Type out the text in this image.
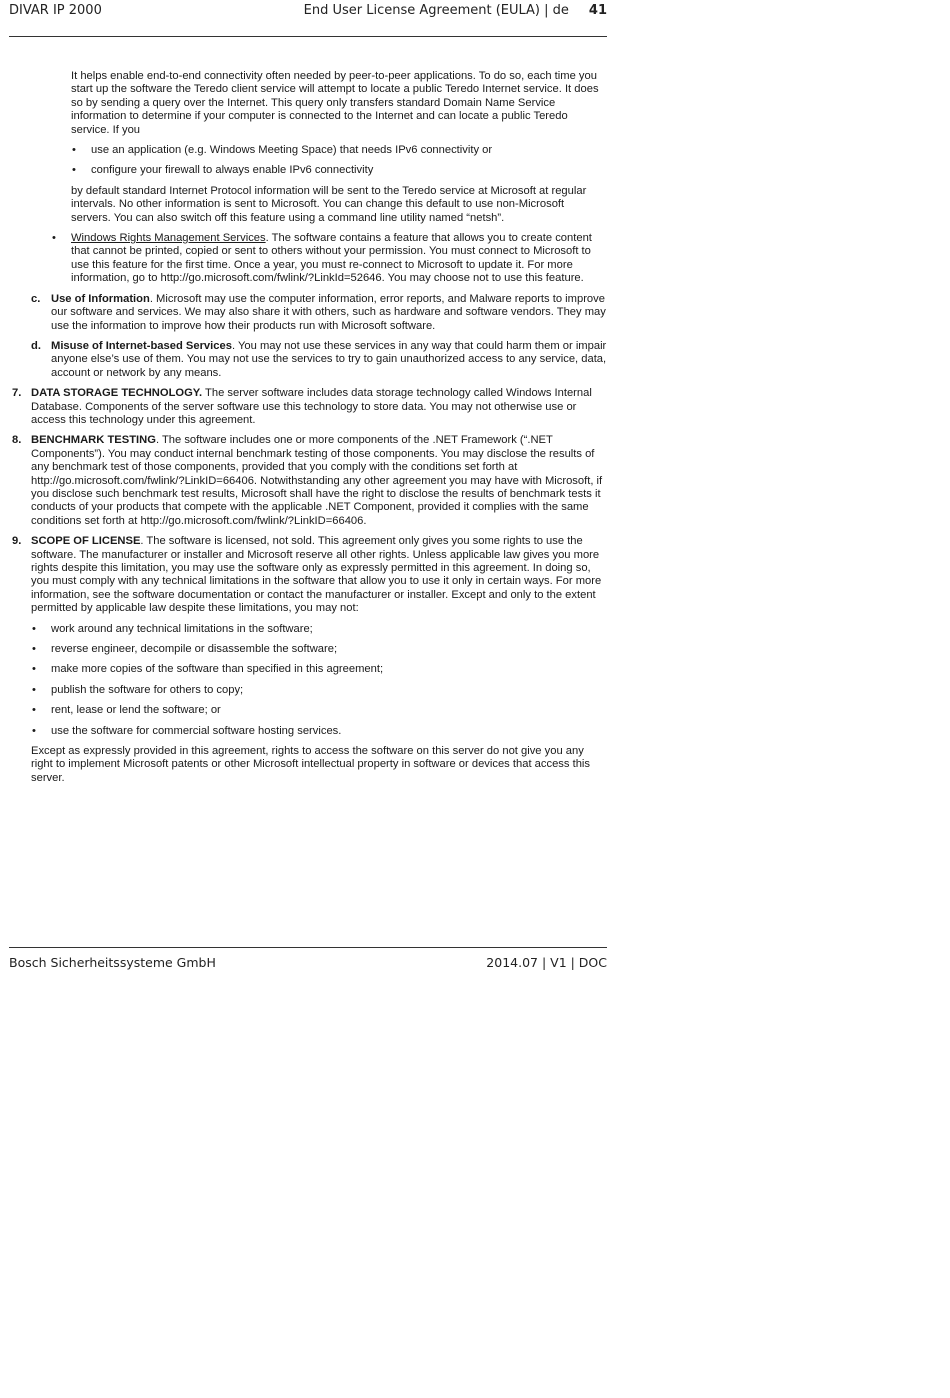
DIVAR IP 2000	End User License Agreement (EULA) | de 41

It helps enable end-to-end connectivity often needed by peer-to-peer applications. To do so, each time you start up the software the Teredo client service will attempt to locate a public Teredo Internet service. It does so by sending a query over the Internet. This query only transfers standard Domain Name Service information to determine if your computer is connected to the Internet and can locate a public Teredo service. If you

• use an application (e.g. Windows Meeting Space) that needs IPv6 connectivity or
• configure your firewall to always enable IPv6 connectivity

by default standard Internet Protocol information will be sent to the Teredo service at Microsoft at regular intervals. No other information is sent to Microsoft. You can change this default to use non-Microsoft servers. You can also switch off this feature using a command line utility named “netsh”.

• Windows Rights Management Services. The software contains a feature that allows you to create content that cannot be printed, copied or sent to others without your permission. You must connect to Microsoft to use this feature for the first time. Once a year, you must re-connect to Microsoft to update it. For more information, go to http://go.microsoft.com/fwlink/?LinkId=52646. You may choose not to use this feature.
c. Use of Information. Microsoft may use the computer information, error reports, and Malware reports to improve our software and services. We may also share it with others, such as hardware and software vendors. They may use the information to improve how their products run with Microsoft software.
d. Misuse of Internet-based Services. You may not use these services in any way that could harm them or impair anyone else’s use of them. You may not use the services to try to gain unauthorized access to any service, data, account or network by any means.
7. DATA STORAGE TECHNOLOGY. The server software includes data storage technology called Windows Internal Database. Components of the server software use this technology to store data. You may not otherwise use or access this technology under this agreement.
8. BENCHMARK TESTING. The software includes one or more components of the .NET Framework (“.NET Components”). You may conduct internal benchmark testing of those components. You may disclose the results of any benchmark test of those components, provided that you comply with the conditions set forth at http://go.microsoft.com/fwlink/?LinkID=66406. Notwithstanding any other agreement you may have with Microsoft, if you disclose such benchmark test results, Microsoft shall have the right to disclose the results of benchmark tests it conducts of your products that compete with the applicable .NET Component, provided it complies with the same conditions set forth at http://go.microsoft.com/fwlink/?LinkID=66406.
9. SCOPE OF LICENSE. The software is licensed, not sold. This agreement only gives you some rights to use the software. The manufacturer or installer and Microsoft reserve all other rights. Unless applicable law gives you more rights despite this limitation, you may use the software only as expressly permitted in this agreement. In doing so, you must comply with any technical limitations in the software that allow you to use it only in certain ways. For more information, see the software documentation or contact the manufacturer or installer. Except and only to the extent permitted by applicable law despite these limitations, you may not:
• work around any technical limitations in the software;
• reverse engineer, decompile or disassemble the software;
• make more copies of the software than specified in this agreement;
• publish the software for others to copy;
• rent, lease or lend the software; or
• use the software for commercial software hosting services.

Except as expressly provided in this agreement, rights to access the software on this server do not give you any right to implement Microsoft patents or other Microsoft intellectual property in software or devices that access this server.

Bosch Sicherheitssysteme GmbH	2014.07 | V1 | DOC
